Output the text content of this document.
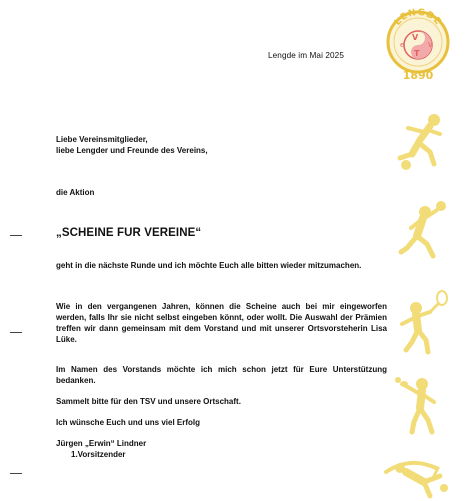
Lengde im Mai 2025
LENGDE
e
V
V
T
1890
Liebe Vereinsmitglieder,
liebe Lengder und Freunde des Vereins,
die Aktion
„SCHEINE FUR VEREINE“
geht in die nächste Runde und ich möchte Euch alle bitten wieder mitzumachen.
Wie in den vergangenen Jahren, können die Scheine auch bei mir eingeworfen werden, falls Ihr sie nicht selbst eingeben könnt, oder wollt. Die Auswahl der Prämien treffen wir dann gemeinsam mit dem Vorstand und mit unserer Ortsvorsteherin Lisa Lüke.
Im Namen des Vorstands möchte ich mich schon jetzt für Eure Unterstützung bedanken.
Sammelt bitte für den TSV und unsere Ortschaft.
Ich wünsche Euch und uns viel Erfolg
Jürgen „Erwin“ Lindner
1.Vorsitzender
